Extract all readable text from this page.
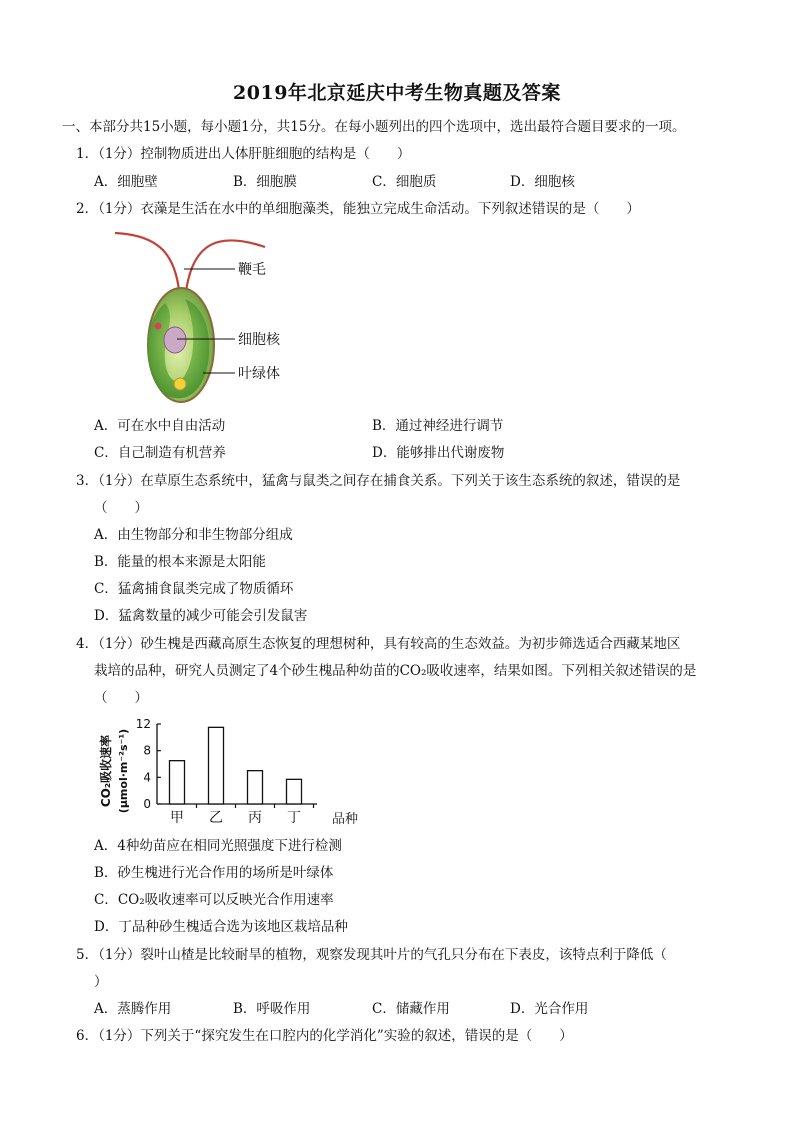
2019年北京延庆中考生物真题及答案
一、本部分共15小题，每小题1分，共15分。在每小题列出的四个选项中，选出最符合题目要求的一项。
1．（1分）控制物质进出人体肝脏细胞的结构是（　　）
A．细胞壁	B．细胞膜	C．细胞质	D．细胞核
2．（1分）衣藻是生活在水中的单细胞藻类，能独立完成生命活动。下列叙述错误的是（　　）
鞭毛
细胞核
叶绿体
A．可在水中自由活动	B．通过神经进行调节
C．自己制造有机营养	D．能够排出代谢废物
3．（1分）在草原生态系统中，猛禽与鼠类之间存在捕食关系。下列关于该生态系统的叙述，错误的是
（　　）
A．由生物部分和非生物部分组成
B．能量的根本来源是太阳能
C．猛禽捕食鼠类完成了物质循环
D．猛禽数量的减少可能会引发鼠害
4．（1分）砂生槐是西藏高原生态恢复的理想树种，具有较高的生态效益。为初步筛选适合西藏某地区
栽培的品种，研究人员测定了4个砂生槐品种幼苗的CO₂吸收速率，结果如图。下列相关叙述错误的是
（　　）
CO₂吸收速率 (μmol·m⁻²s⁻¹) 0
4
8
12
甲 乙 丙 丁 品种
A．4种幼苗应在相同光照强度下进行检测
B．砂生槐进行光合作用的场所是叶绿体
C．CO₂吸收速率可以反映光合作用速率
D．丁品种砂生槐适合选为该地区栽培品种
5．（1分）裂叶山楂是比较耐旱的植物，观察发现其叶片的气孔只分布在下表皮，该特点利于降低（
）
A．蒸腾作用	B．呼吸作用	C．储藏作用	D．光合作用
6．（1分）下列关于“探究发生在口腔内的化学消化”实验的叙述，错误的是（　　）
